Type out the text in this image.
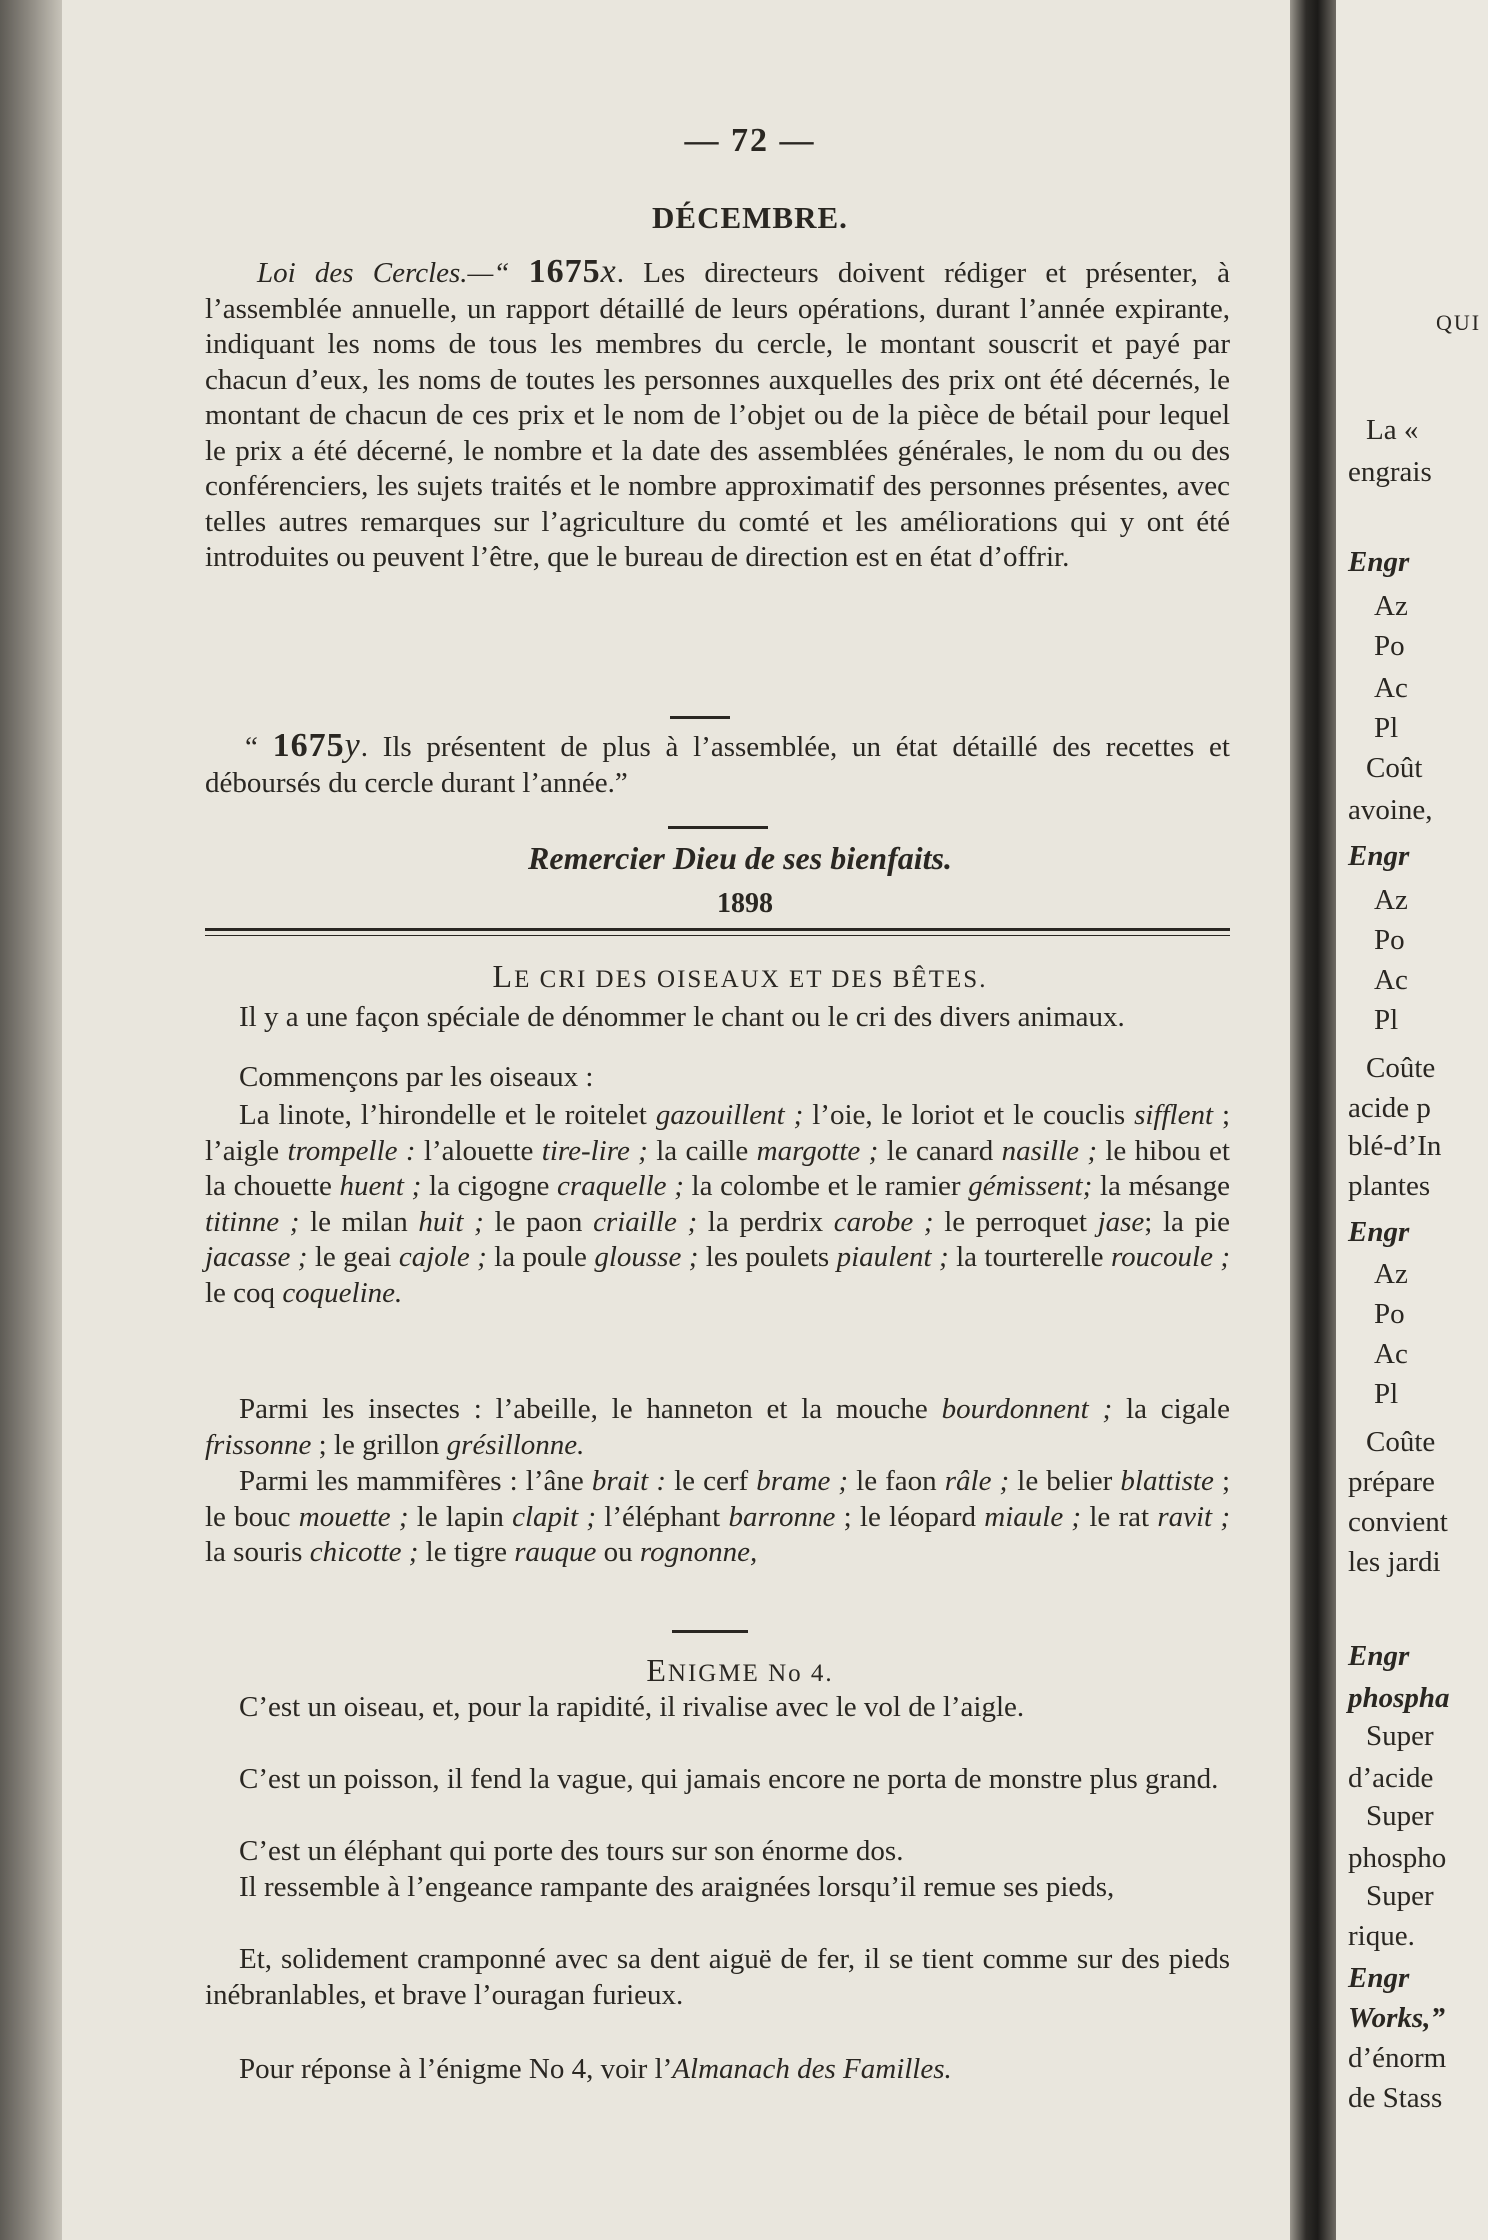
— 72 —
DÉCEMBRE.

Loi des Cercles.—“ 1675x. Les directeurs doivent rédiger et présenter, à l’assemblée annuelle, un rapport détaillé de leurs opérations, durant l’année expirante, indiquant les noms de tous les membres du cercle, le montant souscrit et payé par chacun d’eux, les noms de toutes les personnes auxquelles des prix ont été décernés, le montant de chacun de ces prix et le nom de l’objet ou de la pièce de bétail pour lequel le prix a été décerné, le nombre et la date des assemblées générales, le nom du ou des conférenciers, les sujets traités et le nombre approximatif des personnes présentes, avec telles autres remarques sur l’agriculture du comté et les améliorations qui y ont été introduites ou peuvent l’être, que le bureau de direction est en état d’offrir.

“ 1675y. Ils présentent de plus à l’assemblée, un état détaillé des recettes et déboursés du cercle durant l’année.”

Remercier Dieu de ses bienfaits.
1898
LE CRI DES OISEAUX ET DES BÊTES.

Il y a une façon spéciale de dénommer le chant ou le cri des divers animaux.

Commençons par les oiseaux :

La linote, l’hirondelle et le roitelet gazouillent ; l’oie, le loriot et le couclis sifflent ; l’aigle trompelle : l’alouette tire-lire ; la caille margotte ; le canard nasille ; le hibou et la chouette huent ; la cigogne craquelle ; la colombe et le ramier gémissent; la mésange titinne ; le milan huit ; le paon criaille ; la perdrix carobe ; le perroquet jase; la pie jacasse ; le geai cajole ; la poule glousse ; les poulets piaulent ; la tourterelle roucoule ; le coq coqueline.

Parmi les insectes : l’abeille, le hanneton et la mouche bourdonnent ; la cigale frissonne ; le grillon grésillonne.

Parmi les mammifères : l’âne brait : le cerf brame ; le faon râle ; le belier blattiste ; le bouc mouette ; le lapin clapit ; l’éléphant barronne ; le léopard miaule ; le rat ravit ; la souris chicotte ; le tigre rauque ou rognonne,

ENIGME No 4.

C’est un oiseau, et, pour la rapidité, il rivalise avec le vol de l’aigle.

C’est un poisson, il fend la vague, qui jamais encore ne porta de monstre plus grand.

C’est un éléphant qui porte des tours sur son énorme dos.

Il ressemble à l’engeance rampante des araignées lorsqu’il remue ses pieds,

Et, solidement cramponné avec sa dent aiguë de fer, il se tient comme sur des pieds inébranlables, et brave l’ouragan furieux.

Pour réponse à l’énigme No 4, voir l’Almanach des Familles.

QUI
La «
engrais
Engr
Az
Po
Ac
Pl
Coût
avoine,
Engr
Az
Po
Ac
Pl
Coûte
acide p
blé-d’In
plantes
Engr
Az
Po
Ac
Pl
Coûte
prépare
convient
les jardi
Engr
phospha
Super
d’acide
Super
phospho
Super
rique.
Engr
Works,”
d’énorm
de Stass
